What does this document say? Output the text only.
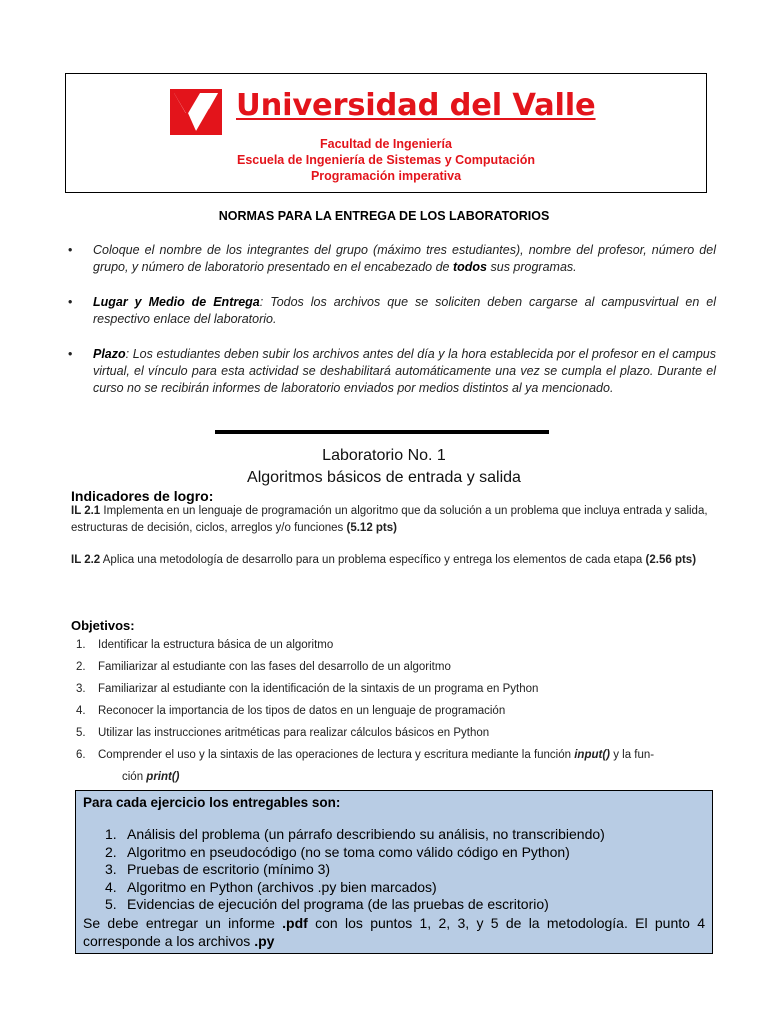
Universidad del Valle
Facultad de Ingeniería
Escuela de Ingeniería de Sistemas y Computación
Programación imperativa
NORMAS PARA LA ENTREGA DE LOS LABORATORIOS
• Coloque el nombre de los integrantes del grupo (máximo tres estudiantes), nombre del profesor, número del grupo, y número de laboratorio presentado en el encabezado de todos sus programas.
• Lugar y Medio de Entrega: Todos los archivos que se soliciten deben cargarse al campusvirtual en el respectivo enlace del laboratorio.
• Plazo: Los estudiantes deben subir los archivos antes del día y la hora establecida por el profesor en el campus virtual, el vínculo para esta actividad se deshabilitará automáticamente una vez se cumpla el plazo. Durante el curso no se recibirán informes de laboratorio enviados por medios distintos al ya mencionado.
Laboratorio No. 1
Algoritmos básicos de entrada y salida
Indicadores de logro:
IL 2.1 Implementa en un lenguaje de programación un algoritmo que da solución a un problema que incluya entrada y salida, estructuras de decisión, ciclos, arreglos y/o funciones (5.12 pts)
IL 2.2 Aplica una metodología de desarrollo para un problema específico y entrega los elementos de cada etapa (2.56 pts)
Objetivos:
1. Identificar la estructura básica de un algoritmo
2. Familiarizar al estudiante con las fases del desarrollo de un algoritmo
3. Familiarizar al estudiante con la identificación de la sintaxis de un programa en Python
4. Reconocer la importancia de los tipos de datos en un lenguaje de programación
5. Utilizar las instrucciones aritméticas para realizar cálculos básicos en Python
6. Comprender el uso y la sintaxis de las operaciones de lectura y escritura mediante la función input() y la fun-
ción print()
Para cada ejercicio los entregables son:
1. Análisis del problema (un párrafo describiendo su análisis, no transcribiendo)
2. Algoritmo en pseudocódigo (no se toma como válido código en Python)
3. Pruebas de escritorio (mínimo 3)
4. Algoritmo en Python (archivos .py bien marcados)
5. Evidencias de ejecución del programa (de las pruebas de escritorio)
Se debe entregar un informe .pdf con los puntos 1, 2, 3, y 5 de la metodología. El punto 4 corresponde a los archivos .py
